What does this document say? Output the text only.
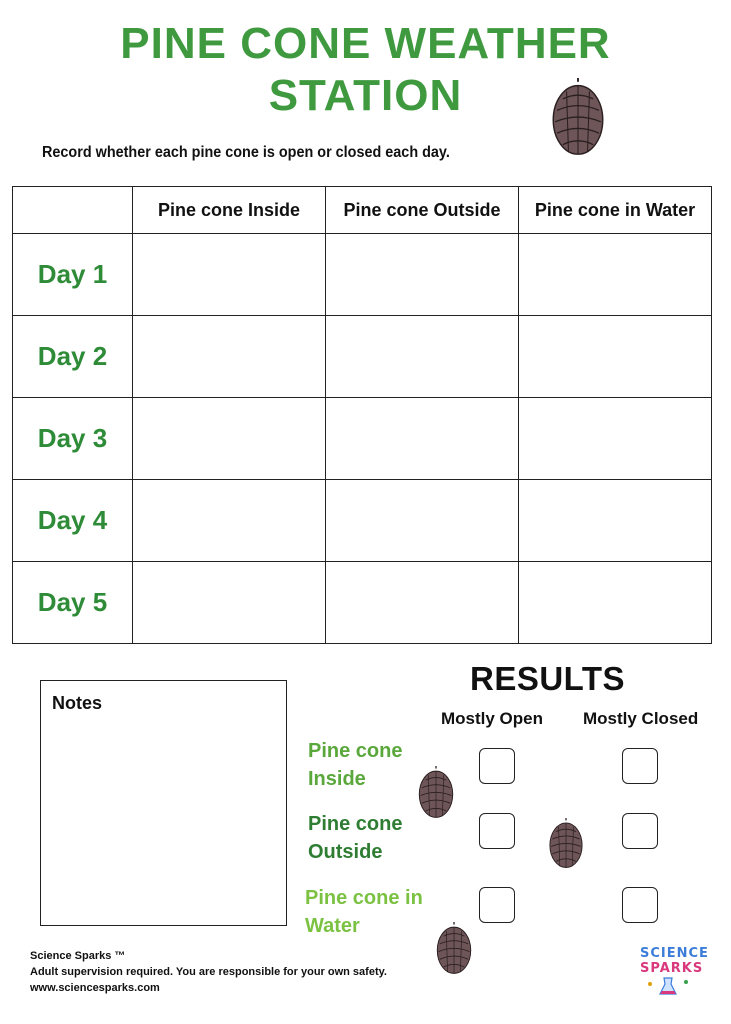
PINE CONE WEATHER
STATION
Record whether each pine cone is open or closed each day.
	Pine cone Inside	Pine cone Outside	Pine cone in Water
Day 1			
Day 2			
Day 3			
Day 4			
Day 5			
Notes
RESULTS
Mostly Open Mostly Closed
Pine cone
Inside
Pine cone
Outside
Pine cone in
Water
Science Sparks ™
Adult supervision required. You are responsible for your own safety.
www.sciencesparks.com
SCIENCE
SPARKS
